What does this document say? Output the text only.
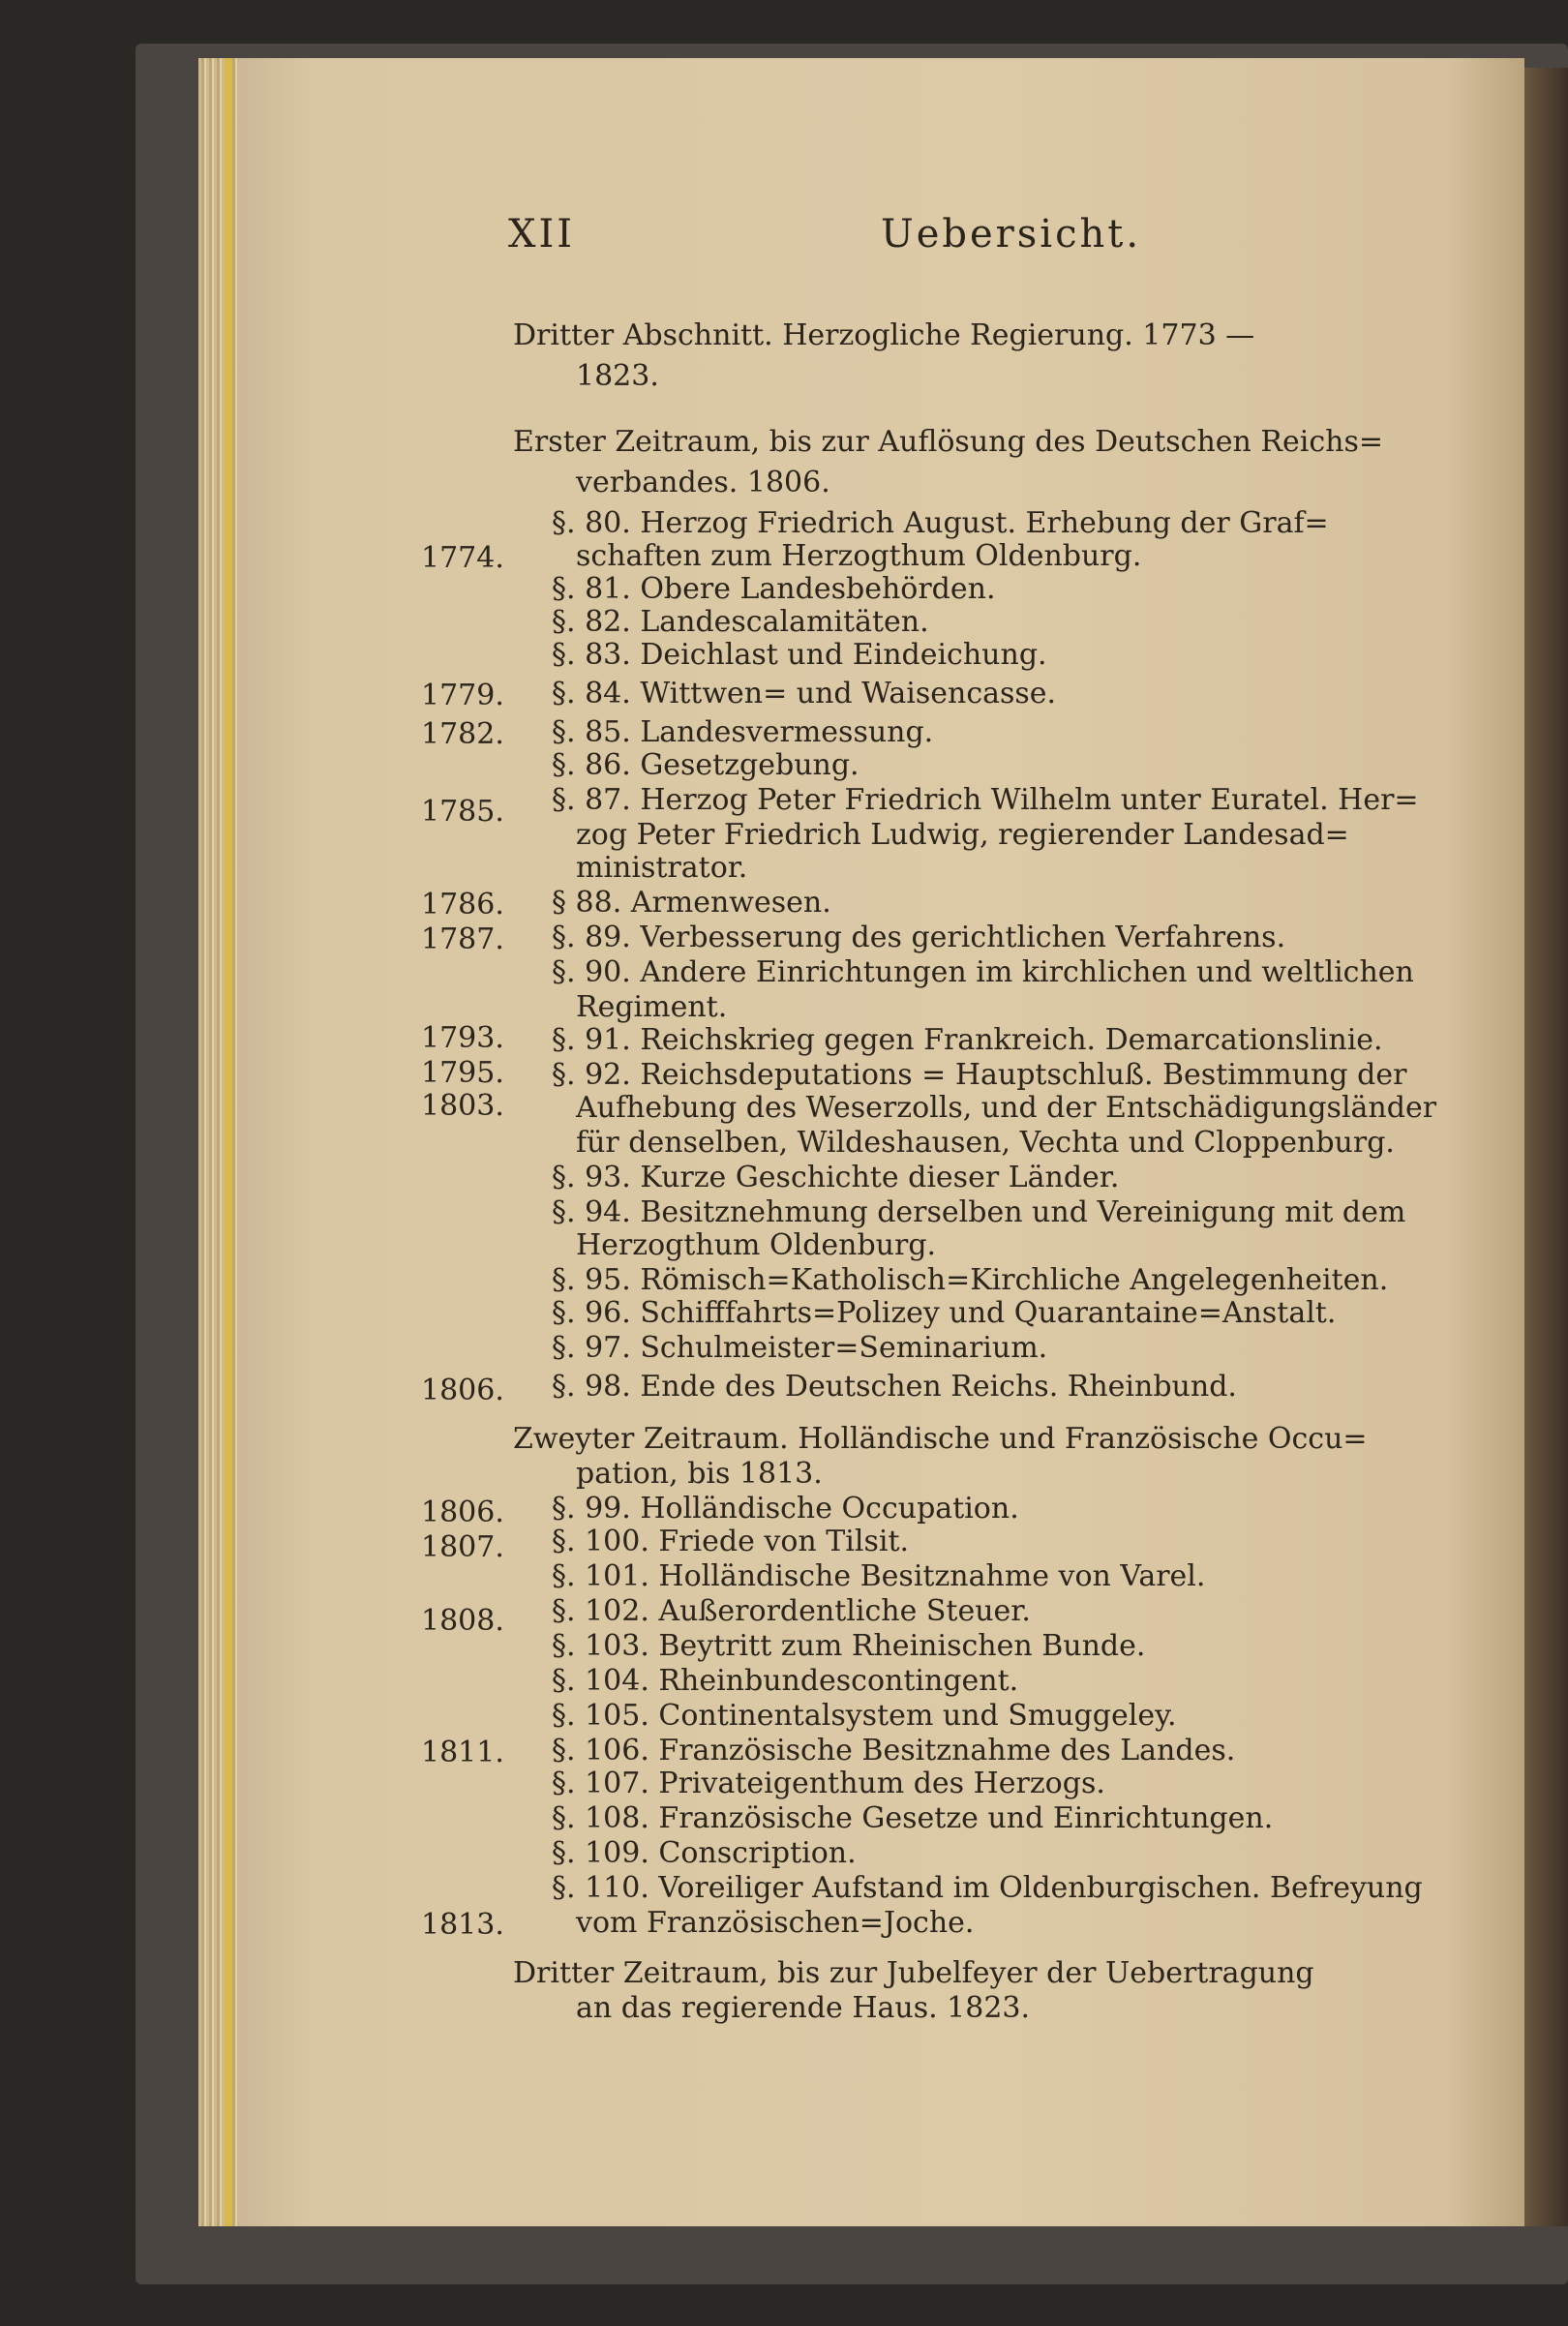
XII	Uebersicht.
Dritter Abschnitt. Herzogliche Regierung. 1773 —
1823.
Erster Zeitraum, bis zur Auflösung des Deutschen Reichs=
verbandes. 1806.
§. 80. Herzog Friedrich August. Erhebung der Graf=
schaften zum Herzogthum Oldenburg.
§. 81. Obere Landesbehörden.
§. 82. Landescalamitäten.
§. 83. Deichlast und Eindeichung.
§. 84. Wittwen= und Waisencasse.
§. 85. Landesvermessung.
§. 86. Gesetzgebung.
§. 87. Herzog Peter Friedrich Wilhelm unter Euratel. Her=
zog Peter Friedrich Ludwig, regierender Landesad=
ministrator.
§ 88. Armenwesen.
§. 89. Verbesserung des gerichtlichen Verfahrens.
§. 90. Andere Einrichtungen im kirchlichen und weltlichen
Regiment.
§. 91. Reichskrieg gegen Frankreich. Demarcationslinie.
§. 92. Reichsdeputations = Hauptschluß. Bestimmung der
Aufhebung des Weserzolls, und der Entschädigungsländer
für denselben, Wildeshausen, Vechta und Cloppenburg.
§. 93. Kurze Geschichte dieser Länder.
§. 94. Besitznehmung derselben und Vereinigung mit dem
Herzogthum Oldenburg.
§. 95. Römisch=Katholisch=Kirchliche Angelegenheiten.
§. 96. Schifffahrts=Polizey und Quarantaine=Anstalt.
§. 97. Schulmeister=Seminarium.
§. 98. Ende des Deutschen Reichs. Rheinbund.
Zweyter Zeitraum. Holländische und Französische Occu=
pation, bis 1813.
§. 99. Holländische Occupation.
§. 100. Friede von Tilsit.
§. 101. Holländische Besitznahme von Varel.
§. 102. Außerordentliche Steuer.
§. 103. Beytritt zum Rheinischen Bunde.
§. 104. Rheinbundescontingent.
§. 105. Continentalsystem und Smuggeley.
§. 106. Französische Besitznahme des Landes.
§. 107. Privateigenthum des Herzogs.
§. 108. Französische Gesetze und Einrichtungen.
§. 109. Conscription.
§. 110. Voreiliger Aufstand im Oldenburgischen. Befreyung
vom Französischen=Joche.
Dritter Zeitraum, bis zur Jubelfeyer der Uebertragung
an das regierende Haus. 1823.
1774.
1779.
1782.
1785.
1786.
1787.
1793.
1795.
1803.
1806.
1806.
1807.
1808.
1811.
1813.
